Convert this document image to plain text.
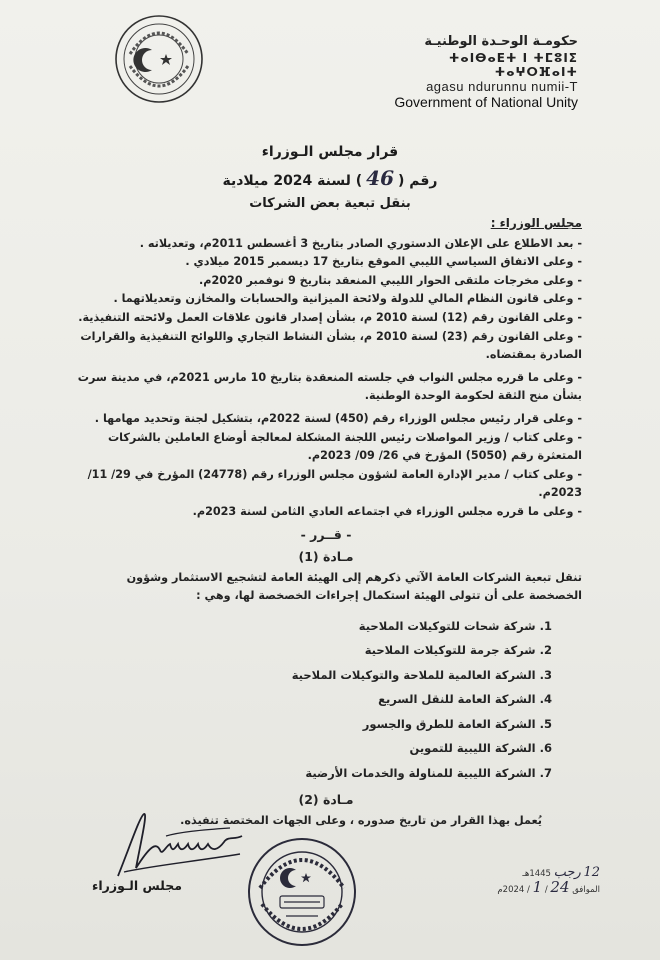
حكومـة الوحـدة الوطنيـة
ⵜⴰⵏⴱⴰⴹⵜ ⵏ ⵜⵎⵓⵏⵉ ⵜⴰⵖⵔⴼⴰⵏⵜ
agasu ndurunnu numii-T
Government of National Unity
قرار مجلس الـوزراء
رقم (46) لسنة 2024 ميلادية
بنقل تبعية بعض الشركات
مجلس الوزراء :

- بعد الاطلاع على الإعلان الدستوري الصادر بتاريخ 3 أغسطس 2011م، وتعديلاته .

- وعلى الاتفاق السياسي الليبي الموقع بتاريخ 17 ديسمبر 2015 ميلادي .

- وعلى مخرجات ملتقى الحوار الليبي المنعقد بتاريخ 9 نوفمبر 2020م.

- وعلى قانون النظام المالي للدولة ولائحة الميزانية والحسابات والمخازن وتعديلاتهما .

- وعلى القانون رقم (12) لسنة 2010 م، بشأن إصدار قانون علاقات العمل ولائحته التنفيذية.

- وعلى القانون رقم (23) لسنة 2010 م، بشأن النشاط التجاري واللوائح التنفيذية والقرارات الصادرة بمقتضاه.

- وعلى ما قرره مجلس النواب في جلسته المنعقدة بتاريخ 10 مارس 2021م، في مدينة سرت بشأن منح الثقة لحكومة الوحدة الوطنية.

- وعلى قرار رئيس مجلس الوزراء رقم (450) لسنة 2022م، بتشكيل لجنة وتحديد مهامها .

- وعلى كتاب / وزير المواصلات رئيس اللجنة المشكلة لمعالجة أوضاع العاملين بالشركات المتعثرة رقم (5050) المؤرخ في 26/ 09/ 2023م.

- وعلى كتاب / مدير الإدارة العامة لشؤون مجلس الوزراء رقم (24778) المؤرخ في 29/ 11/ 2023م.

- وعلى ما قرره مجلس الوزراء في اجتماعه العادي الثامن لسنة 2023م.

- قــرر -
مـادة (1)

تنقل تبعية الشركات العامة الآتي ذكرهم إلى الهيئة العامة لتشجيع الاستثمار وشؤون الخصخصة على أن تتولى الهيئة استكمال إجراءات الخصخصة لها، وهي :

1. شركة شحات للتوكيلات الملاحية
2. شركة جرمة للتوكيلات الملاحية
3. الشركة العالمية للملاحة والتوكيلات الملاحية
4. الشركة العامة للنقل السريع
5. الشركة العامة للطرق والجسور
6. الشركة الليبية للتموين
7. الشركة الليبية للمناولة والخدمات الأرضية
مـادة (2)

يُعمل بهذا القرار من تاريخ صدوره ، وعلى الجهات المختصة تنفيذه.

مجلس الـوزراء
12 رجب 1445هـ
الموافق 24 / 1 / 2024م
